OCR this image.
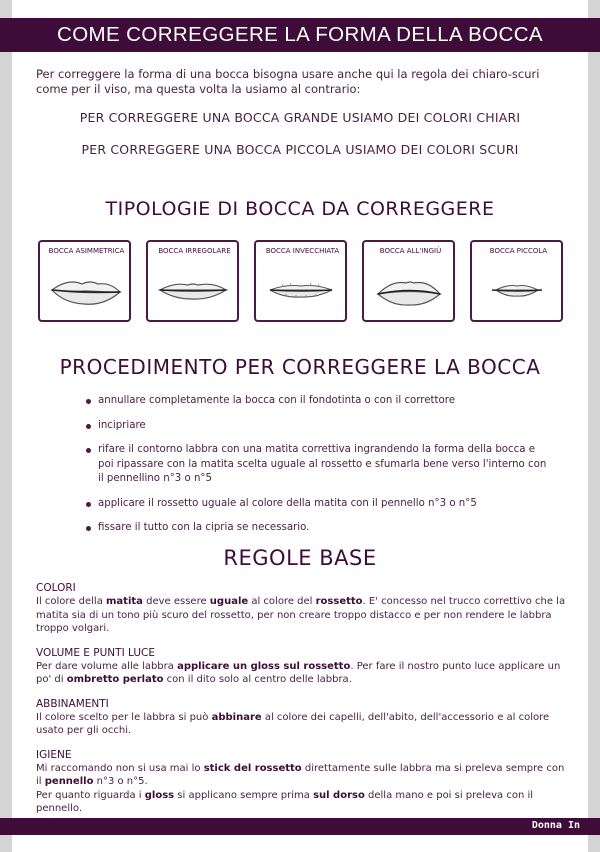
COME CORREGGERE LA FORMA DELLA BOCCA

Per correggere la forma di una bocca bisogna usare anche qui la regola dei chiaro-scuri come per il viso, ma questa volta la usiamo al contrario:

PER CORREGGERE UNA BOCCA GRANDE USIAMO DEI COLORI CHIARI
PER CORREGGERE UNA BOCCA PICCOLA USIAMO DEI COLORI SCURI
TIPOLOGIE DI BOCCA DA CORREGGERE
BOCCA ASIMMETRICA	BOCCA IRREGOLARE	BOCCA INVECCHIATA	BOCCA ALL'INGIÙ	BOCCA PICCOLA
PROCEDIMENTO PER CORREGGERE LA BOCCA
annullare completamente la bocca con il fondotinta o con il correttore
incipriare
rifare il contorno labbra con una matita correttiva ingrandendo la forma della bocca e poi ripassare con la matita scelta uguale al rossetto e sfumarla bene verso l'interno con il pennellino n°3 o n°5
applicare il rossetto uguale al colore della matita con il pennello n°3 o n°5
fissare il tutto con la cipria se necessario.
REGOLE BASE
COLORI

Il colore della matita deve essere uguale al colore del rossetto. E' concesso nel trucco correttivo che la matita sia di un tono più scuro del rossetto, per non creare troppo distacco e per non rendere le labbra troppo volgari.

VOLUME E PUNTI LUCE

Per dare volume alle labbra applicare un gloss sul rossetto. Per fare il nostro punto luce applicare un po' di ombretto perlato con il dito solo al centro delle labbra.

ABBINAMENTI

Il colore scelto per le labbra si può abbinare al colore dei capelli, dell'abito, dell'accessorio e al colore usato per gli occhi.

IGIENE

Mi raccomando non si usa mai lo stick del rossetto direttamente sulle labbra ma si preleva sempre con il pennello n°3 o n°5.
Per quanto riguarda i gloss si applicano sempre prima sul dorso della mano e poi si preleva con il pennello.

Donna In
